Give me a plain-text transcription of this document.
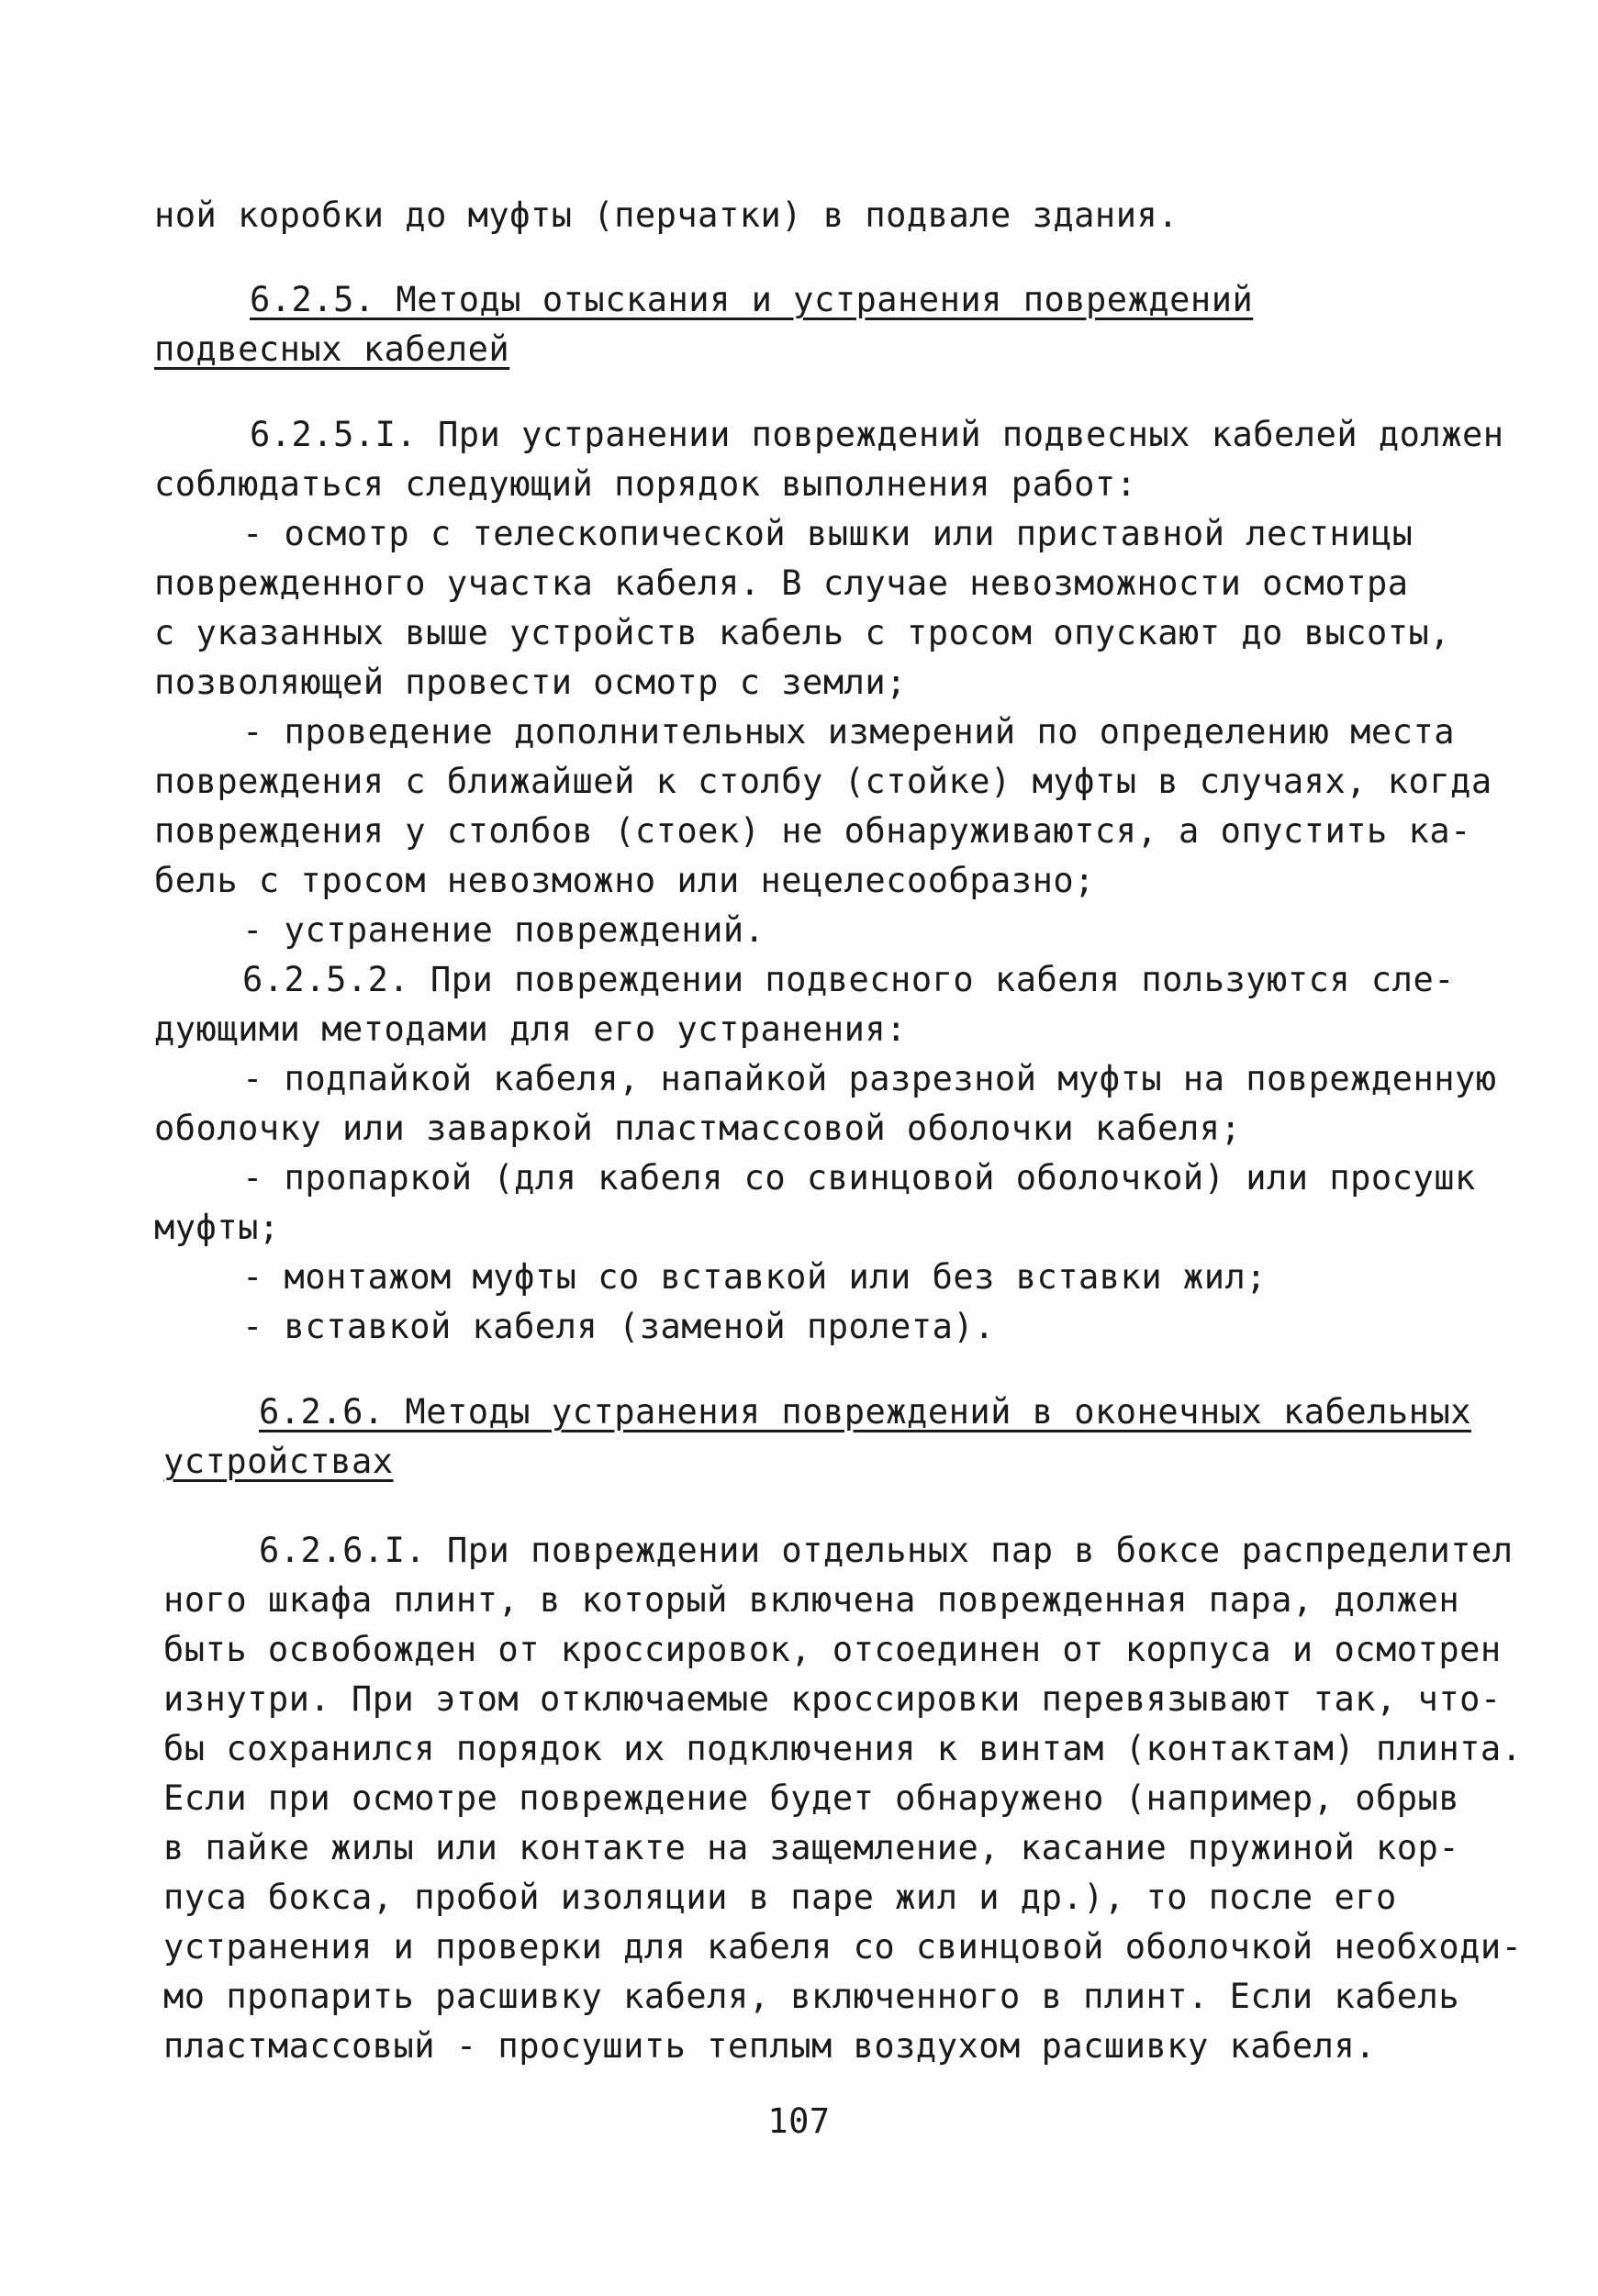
ной коробки до муфты (перчатки) в подвале здания.
6.2.5. Методы отыскания и устранения повреждений
подвесных кабелей
6.2.5.I. При устранении повреждений подвесных кабелей должен
соблюдаться следующий порядок выполнения работ:
- осмотр с телескопической вышки или приставной лестницы
поврежденного участка кабеля. В случае невозможности осмотра
с указанных выше устройств кабель с тросом опускают до высоты,
позволяющей провести осмотр с земли;
- проведение дополнительных измерений по определению места
повреждения с ближайшей к столбу (стойке) муфты в случаях, когда
повреждения у столбов (стоек) не обнаруживаются, а опустить ка-
бель с тросом невозможно или нецелесообразно;
- устранение повреждений.
6.2.5.2. При повреждении подвесного кабеля пользуются сле-
дующими методами для его устранения:
- подпайкой кабеля, напайкой разрезной муфты на поврежденную
оболочку или заваркой пластмассовой оболочки кабеля;
- пропаркой (для кабеля со свинцовой оболочкой) или просушк
муфты;
- монтажом муфты со вставкой или без вставки жил;
- вставкой кабеля (заменой пролета).
6.2.6. Методы устранения повреждений в оконечных кабельных
устройствах
6.2.6.I. При повреждении отдельных пар в боксе распределител
ного шкафа плинт, в который включена поврежденная пара, должен
быть освобожден от кроссировок, отсоединен от корпуса и осмотрен
изнутри. При этом отключаемые кроссировки перевязывают так, что-
бы сохранился порядок их подключения к винтам (контактам) плинта.
Если при осмотре повреждение будет обнаружено (например, обрыв
в пайке жилы или контакте на защемление, касание пружиной кор-
пуса бокса, пробой изоляции в паре жил и др.), то после его
устранения и проверки для кабеля со свинцовой оболочкой необходи-
мо пропарить расшивку кабеля, включенного в плинт. Если кабель
пластмассовый - просушить теплым воздухом расшивку кабеля.
107
